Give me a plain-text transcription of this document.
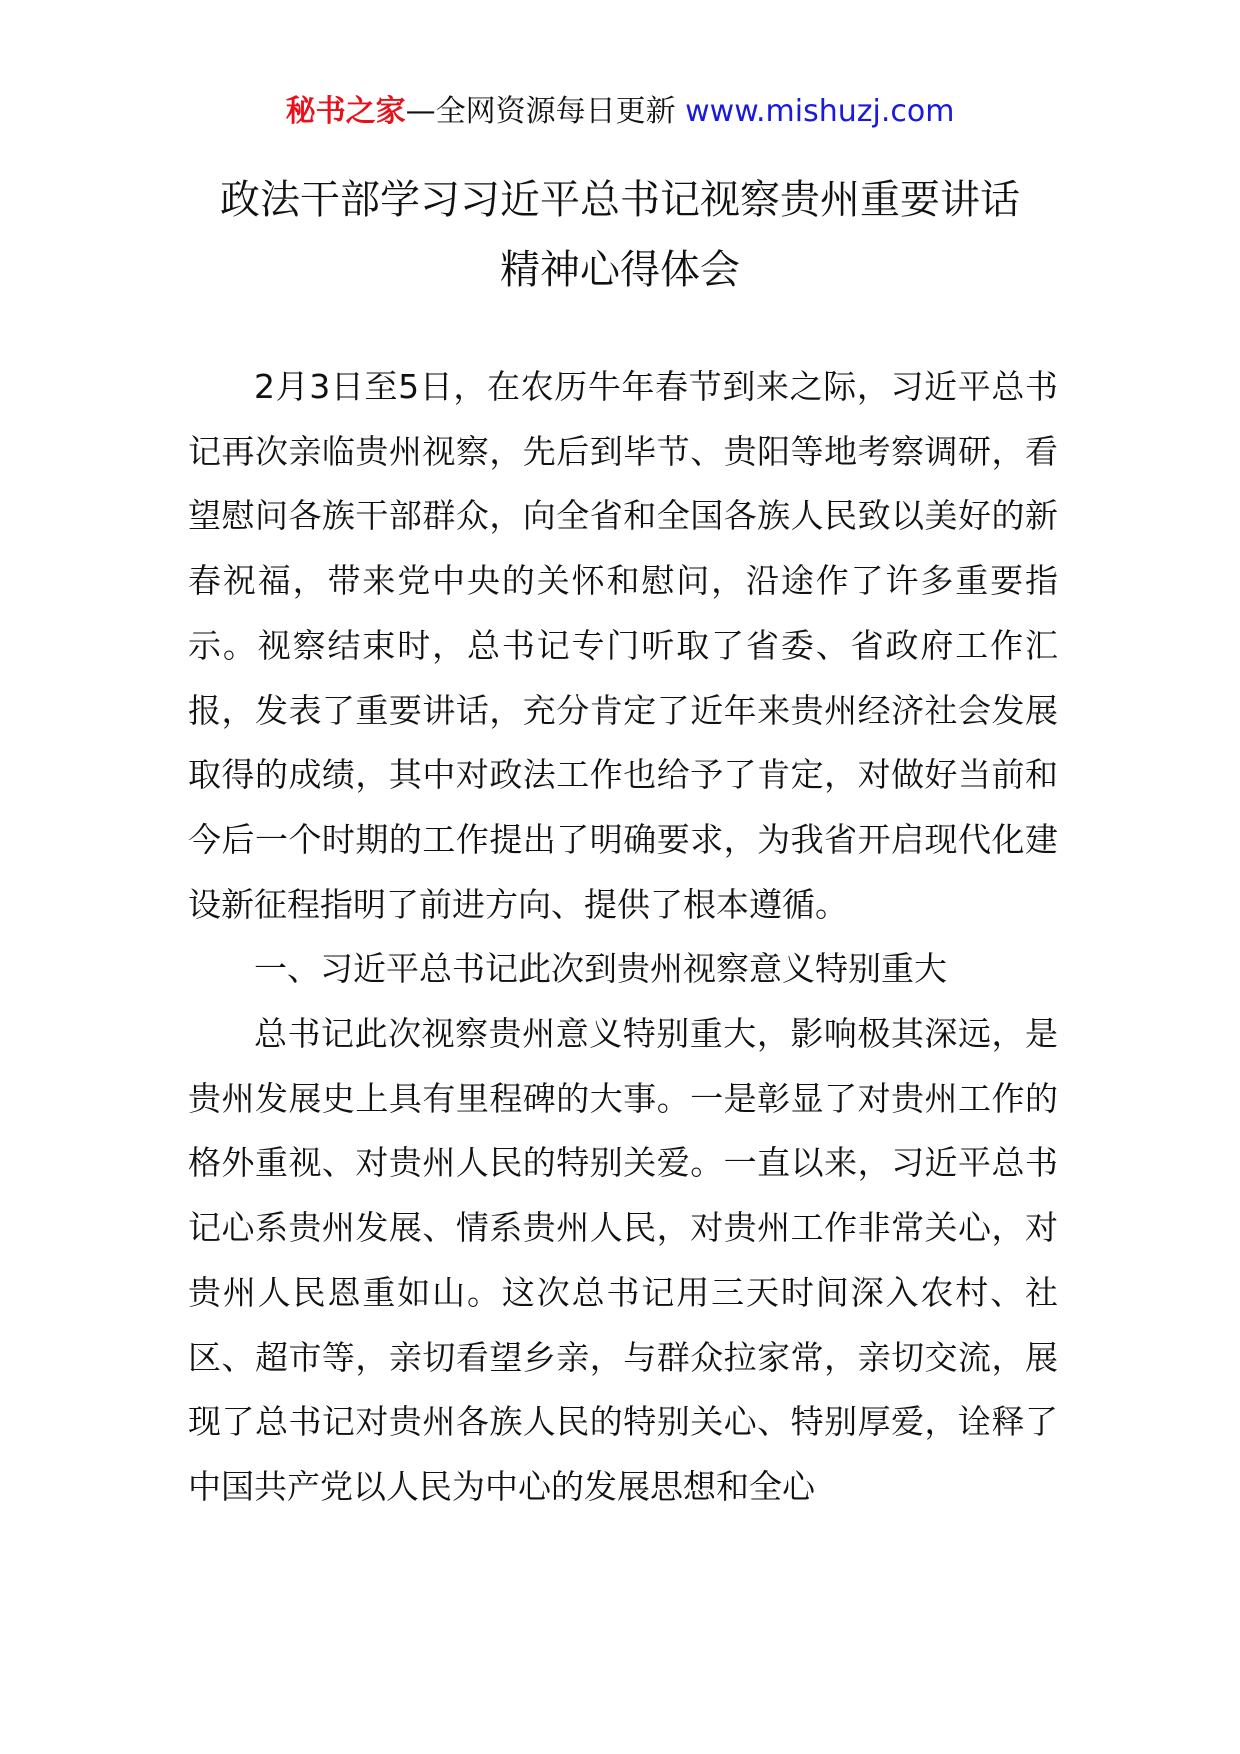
秘书之家—全网资源每日更新 www.mishuzj.com
政法干部学习习近平总书记视察贵州重要讲话
精神心得体会

2月3日至5日，在农历牛年春节到来之际，习近平总书记再次亲临贵州视察，先后到毕节、贵阳等地考察调研，看望慰问各族干部群众，向全省和全国各族人民致以美好的新春祝福，带来党中央的关怀和慰问，沿途作了许多重要指示。视察结束时，总书记专门听取了省委、省政府工作汇报，发表了重要讲话，充分肯定了近年来贵州经济社会发展取得的成绩，其中对政法工作也给予了肯定，对做好当前和今后一个时期的工作提出了明确要求，为我省开启现代化建设新征程指明了前进方向、提供了根本遵循。

一、习近平总书记此次到贵州视察意义特别重大

总书记此次视察贵州意义特别重大，影响极其深远，是贵州发展史上具有里程碑的大事。一是彰显了对贵州工作的格外重视、对贵州人民的特别关爱。一直以来，习近平总书记心系贵州发展、情系贵州人民，对贵州工作非常关心，对贵州人民恩重如山。这次总书记用三天时间深入农村、社区、超市等，亲切看望乡亲，与群众拉家常，亲切交流，展现了总书记对贵州各族人民的特别关心、特别厚爱，诠释了中国共产党以人民为中心的发展思想和全心
